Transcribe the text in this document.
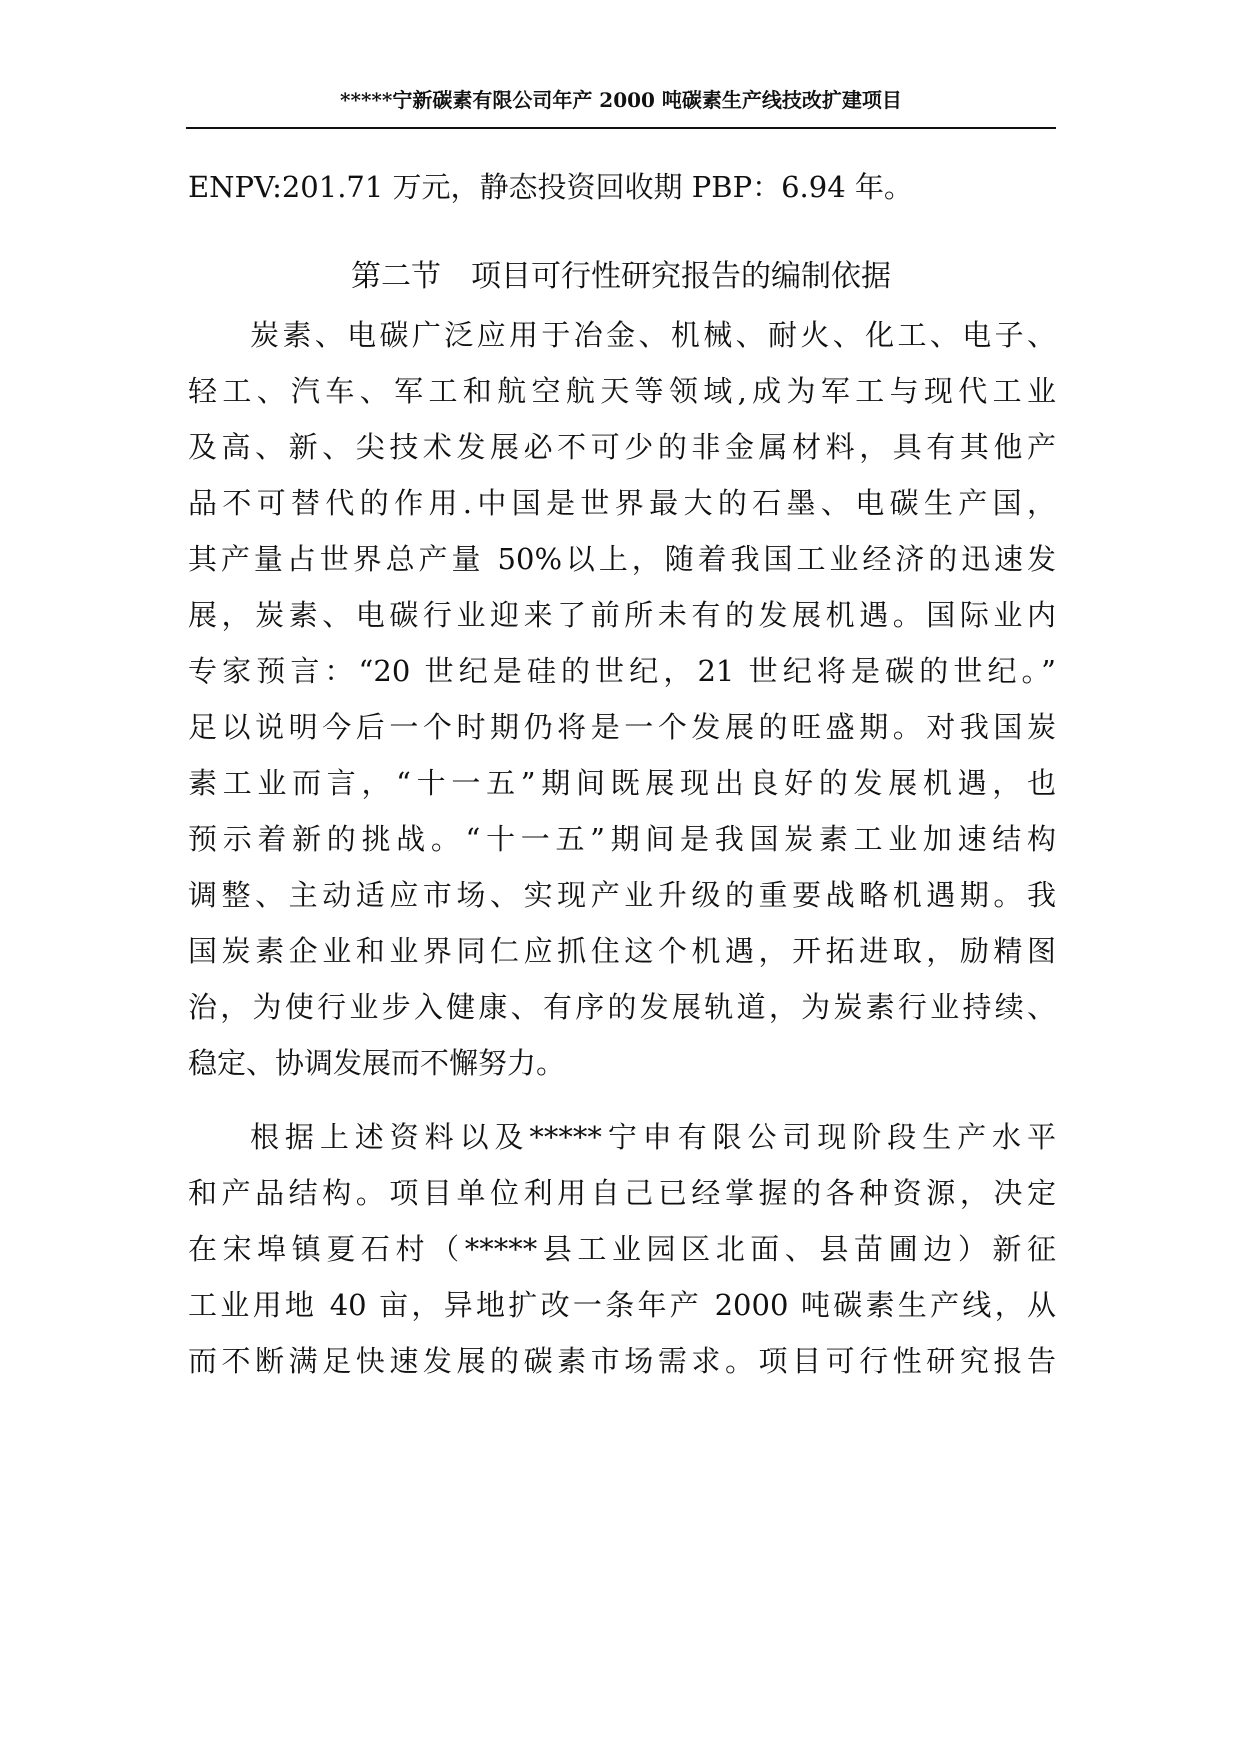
*****宁新碳素有限公司年产 2000 吨碳素生产线技改扩建项目
ENPV:201.71 万元，静态投资回收期 PBP：6.94 年。
第二节　项目可行性研究报告的编制依据
炭素、电碳广泛应用于冶金、机械、耐火、化工、电子、
轻工、汽车、军工和航空航天等领域,成为军工与现代工业
及高、新、尖技术发展必不可少的非金属材料，具有其他产
品不可替代的作用.中国是世界最大的石墨、电碳生产国，
其产量占世界总产量 50%以上，随着我国工业经济的迅速发
展，炭素、电碳行业迎来了前所未有的发展机遇。国际业内
专家预言：“20 世纪是硅的世纪，21 世纪将是碳的世纪。”
足以说明今后一个时期仍将是一个发展的旺盛期。对我国炭
素工业而言，“十一五”期间既展现出良好的发展机遇，也
预示着新的挑战。“十一五”期间是我国炭素工业加速结构
调整、主动适应市场、实现产业升级的重要战略机遇期。我
国炭素企业和业界同仁应抓住这个机遇，开拓进取，励精图
治，为使行业步入健康、有序的发展轨道，为炭素行业持续、
稳定、协调发展而不懈努力。
根据上述资料以及*****宁申有限公司现阶段生产水平
和产品结构。项目单位利用自己已经掌握的各种资源，决定
在宋埠镇夏石村（*****县工业园区北面、县苗圃边）新征
工业用地 40 亩，异地扩改一条年产 2000 吨碳素生产线，从
而不断满足快速发展的碳素市场需求。项目可行性研究报告
